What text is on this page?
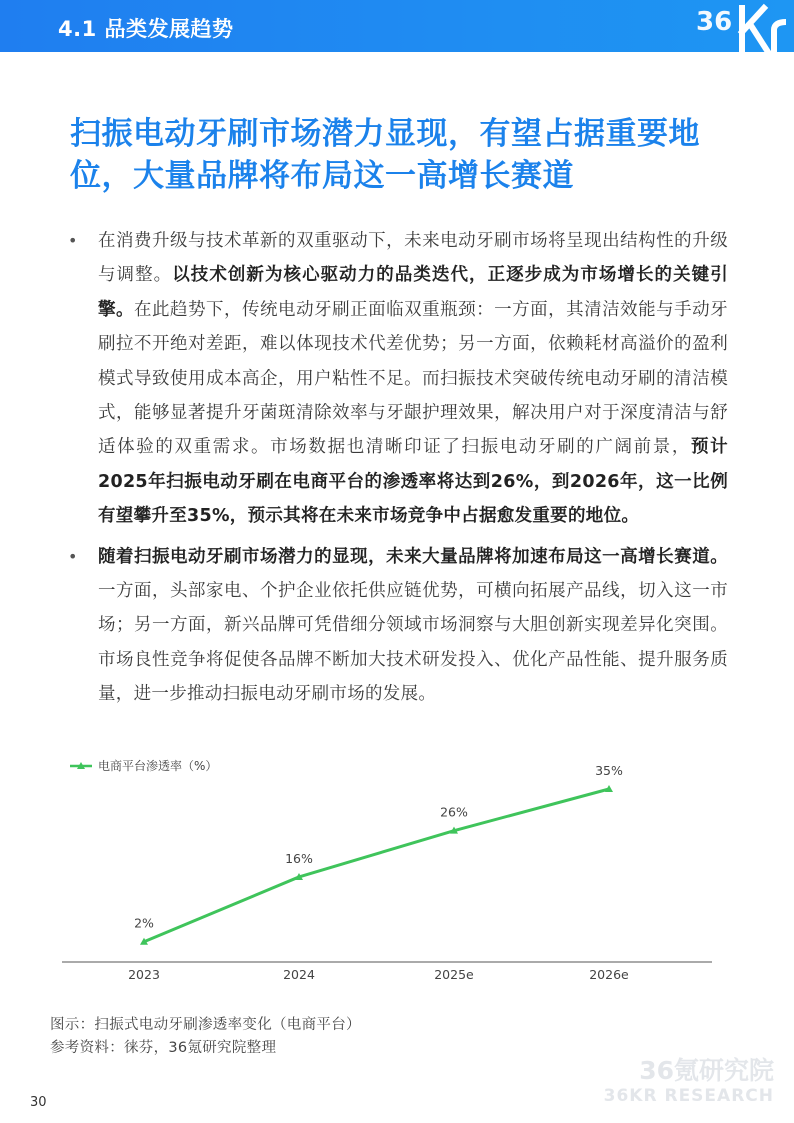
4.1 品类发展趋势	36
扫振电动牙刷市场潜力显现，有望占据重要地
位，大量品牌将布局这一高增长赛道
• 在消费升级与技术革新的双重驱动下，未来电动牙刷市场将呈现出结构性的升级与调整。以技术创新为核心驱动力的品类迭代，正逐步成为市场增长的关键引擎。在此趋势下，传统电动牙刷正面临双重瓶颈：一方面，其清洁效能与手动牙刷拉不开绝对差距，难以体现技术代差优势；另一方面，依赖耗材高溢价的盈利模式导致使用成本高企，用户粘性不足。而扫振技术突破传统电动牙刷的清洁模式，能够显著提升牙菌斑清除效率与牙龈护理效果，解决用户对于深度清洁与舒适体验的双重需求。市场数据也清晰印证了扫振电动牙刷的广阔前景，预计2025年扫振电动牙刷在电商平台的渗透率将达到26%，到2026年，这一比例有望攀升至35%，预示其将在未来市场竞争中占据愈发重要的地位。
• 随着扫振电动牙刷市场潜力的显现，未来大量品牌将加速布局这一高增长赛道。一方面，头部家电、个护企业依托供应链优势，可横向拓展产品线，切入这一市场；另一方面，新兴品牌可凭借细分领域市场洞察与大胆创新实现差异化突围。市场良性竞争将促使各品牌不断加大技术研发投入、优化产品性能、提升服务质量，进一步推动扫振电动牙刷市场的发展。
电商平台渗透率（%）
2%
2023
16%
2024
26%
2025e
35%
2026e
图示：扫振式电动牙刷渗透率变化（电商平台）
参考资料：徕芬，36氪研究院整理
36氪研究院
36KR RESEARCH
30
